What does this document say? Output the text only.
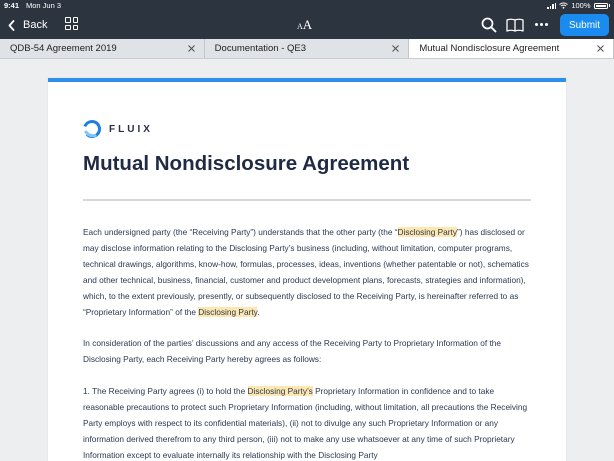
9:41 Mon Jun 3	100%
Back	A A	Submit
QDB-54 Agreement 2019	Documentation - QE3	Mutual Nondisclosure Agreement
FLUIX
Mutual Nondisclosure Agreement

Each undersigned party (the “Receiving Party”) understands that the other party (the “Disclosing Party”) has disclosed or may disclose information relating to the Disclosing Party’s business (including, without limitation, computer programs, technical drawings, algorithms, know-how, formulas, processes, ideas, inventions (whether patentable or not), schematics and other technical, business, financial, customer and product development plans, forecasts, strategies and information), which, to the extent previously, presently, or subsequently disclosed to the Receiving Party, is hereinafter referred to as “Proprietary Information” of the Disclosing Party.

In consideration of the parties’ discussions and any access of the Receiving Party to Proprietary Information of the Disclosing Party, each Receiving Party hereby agrees as follows:

1. The Receiving Party agrees (i) to hold the Disclosing Party’s Proprietary Information in confidence and to take reasonable precautions to protect such Proprietary Information (including, without limitation, all precautions the Receiving Party employs with respect to its confidential materials), (ii) not to divulge any such Proprietary Information or any information derived therefrom to any third person, (iii) not to make any use whatsoever at any time of such Proprietary Information except to evaluate internally its relationship with the Disclosing Party
